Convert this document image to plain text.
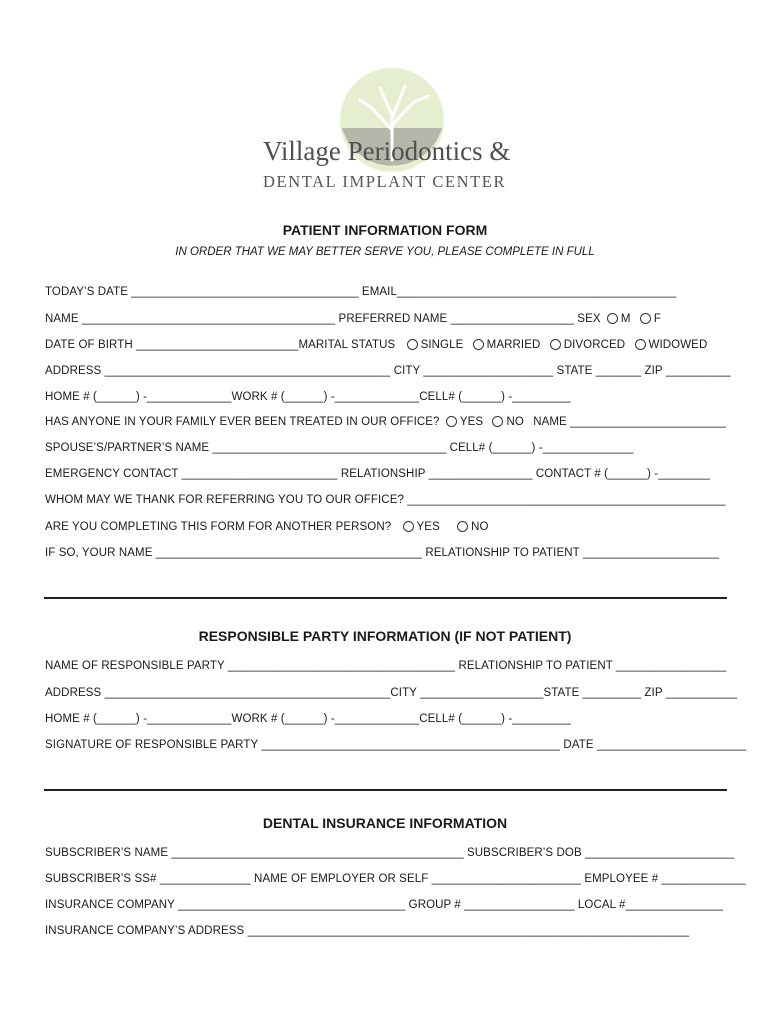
Village Periodontics &
DENTAL IMPLANT CENTER
PATIENT INFORMATION FORM
IN ORDER THAT WE MAY BETTER SERVE YOU, PLEASE COMPLETE IN FULL
TODAY’S DATE ___________________________________ EMAIL___________________________________________
NAME _______________________________________ PREFERRED NAME ___________________ SEX M F
DATE OF BIRTH _________________________MARITAL STATUS SINGLE MARRIED DIVORCED WIDOWED
ADDRESS ____________________________________________ CITY ____________________ STATE _______ ZIP __________
HOME # (______) -_____________WORK # (______) -_____________CELL# (______) -_________
HAS ANYONE IN YOUR FAMILY EVER BEEN TREATED IN OUR OFFICE? YES NO NAME ________________________
SPOUSE’S/PARTNER’S NAME ____________________________________ CELL# (______) -______________
EMERGENCY CONTACT ________________________ RELATIONSHIP ________________ CONTACT # (______) -________
WHOM MAY WE THANK FOR REFERRING YOU TO OUR OFFICE? _________________________________________________
ARE YOU COMPLETING THIS FORM FOR ANOTHER PERSON? YES	NO
IF SO, YOUR NAME _________________________________________ RELATIONSHIP TO PATIENT _____________________
RESPONSIBLE PARTY INFORMATION (IF NOT PATIENT)
NAME OF RESPONSIBLE PARTY ___________________________________ RELATIONSHIP TO PATIENT _________________
ADDRESS ____________________________________________CITY ___________________STATE _________ ZIP ___________
HOME # (______) -_____________WORK # (______) -_____________CELL# (______) -_________
SIGNATURE OF RESPONSIBLE PARTY ______________________________________________ DATE _______________________
DENTAL INSURANCE INFORMATION
SUBSCRIBER’S NAME _____________________________________________ SUBSCRIBER’S DOB _______________________
SUBSCRIBER’S SS# ______________ NAME OF EMPLOYER OR SELF _______________________ EMPLOYEE # _____________
INSURANCE COMPANY ___________________________________ GROUP # _________________ LOCAL #_______________
INSURANCE COMPANY’S ADDRESS ____________________________________________________________________
